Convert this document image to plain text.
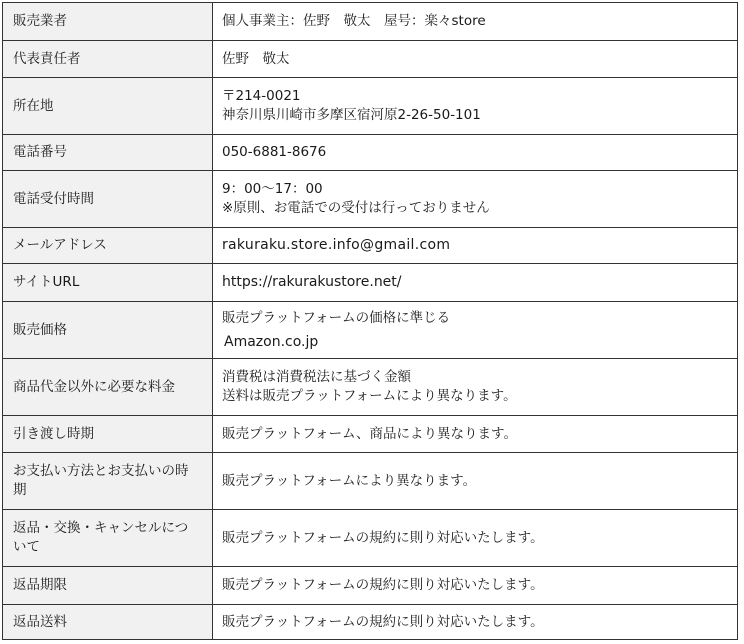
販売業者	個人事業主：佐野　敬太　屋号：楽々store

代表責任者	佐野　敬太

所在地	〒214-0021
神奈川県川崎市多摩区宿河原2-26-50-101

電話番号	050-6881-8676

電話受付時間	9：00〜17：00
※原則、お電話での受付は行っておりません

メールアドレス	rakuraku.store.info@gmail.com

サイトURL	https://rakurakustore.net/

販売価格	販売プラットフォームの価格に準じる
Amazon.co.jp

商品代金以外に必要な料金	消費税は消費税法に基づく金額
送料は販売プラットフォームにより異なります。

引き渡し時期	販売プラットフォーム、商品により異なります。

お支払い方法とお支払いの時
期	販売プラットフォームにより異なります。

返品・交換・キャンセルにつ
いて	販売プラットフォームの規約に則り対応いたします。

返品期限	販売プラットフォームの規約に則り対応いたします。

返品送料	販売プラットフォームの規約に則り対応いたします。
